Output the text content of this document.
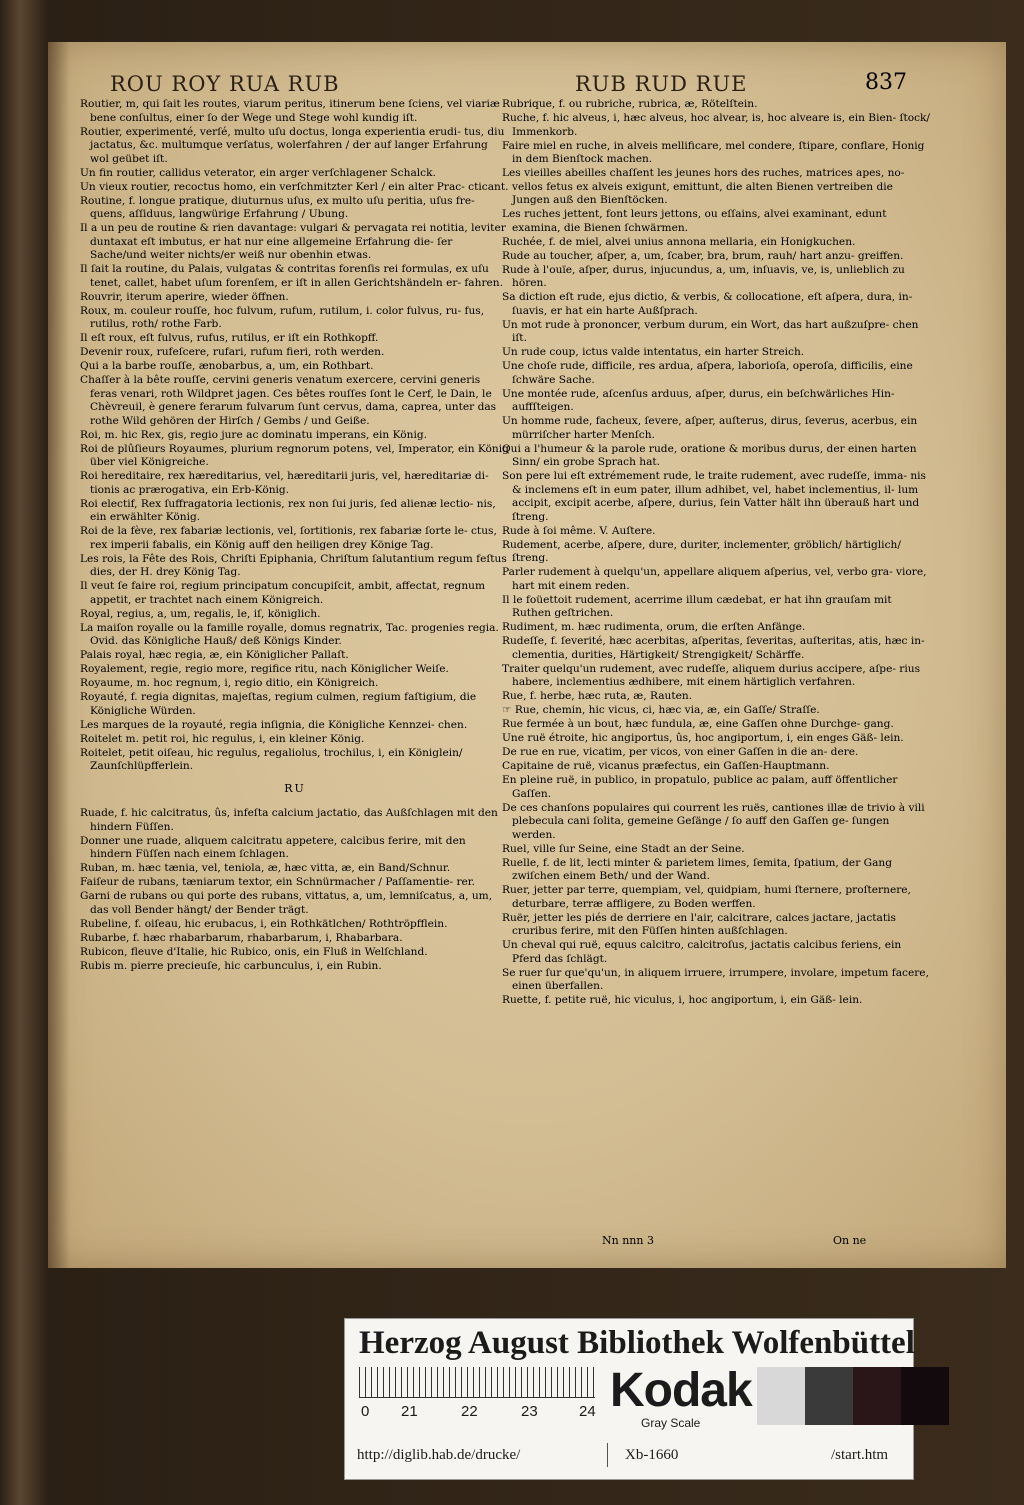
ROU ROY RUA RUB	RUB RUD RUE	837
Routier, m, qui ſait les routes, viarum peritus, itinerum bene ſciens, vel viariæ bene conſultus, einer ſo der Wege und Stege wohl kundig iſt.
Routier, experimenté, verſé, multo uſu doctus, longa experientia erudi- tus, diu jactatus, &c. multumque verſatus, wolerfahren / der auf langer Erfahrung wol geübet iſt.
Un fin routier, callidus veterator, ein arger verſchlagener Schalck.
Un vieux routier, recoctus homo, ein verſchmitzter Kerl / ein alter Prac- cticant.
Routine, f. longue pratique, diuturnus uſus, ex multo uſu peritia, uſus fre- quens, aſſiduus, langwürige Erfahrung / Ubung.
Il a un peu de routine & rien davantage: vulgari & pervagata rei notitia, leviter duntaxat eſt imbutus, er hat nur eine allgemeine Erfahrung die- ſer Sache/und weiter nichts/er weiß nur obenhin etwas.
Il ſait la routine, du Palais, vulgatas & contritas forenſis rei formulas, ex uſu tenet, callet, habet uſum forenſem, er iſt in allen Gerichtshändeln er- fahren.
Rouvrir, iterum aperire, wieder öffnen.
Roux, m. couleur rouſſe, hoc fulvum, rufum, rutilum, i. color fulvus, ru- fus, rutilus, roth/ rothe Farb.
Il eſt roux, eſt fulvus, rufus, rutilus, er iſt ein Rothkopff.
Devenir roux, rufeſcere, rufari, rufum fieri, roth werden.
Qui a la barbe rouſſe, ænobarbus, a, um, ein Rothbart.
Chaſſer à la bête rouſſe, cervini generis venatum exercere, cervini generis feras venari, roth Wildpret jagen. Ces bêtes rouſſes ſont le Cerf, le Dain, le Chèvreuil, è genere ferarum fulvarum ſunt cervus, dama, caprea, unter das rothe Wild gehören der Hirſch / Gembs / und Geiße.
Roi, m. hic Rex, gis, regio jure ac dominatu imperans, ein König.
Roi de plûſieurs Royaumes, plurium regnorum potens, vel, Imperator, ein König über viel Königreiche.
Roi hereditaire, rex hæreditarius, vel, hæreditarii juris, vel, hæreditariæ di- tionis ac prærogativa, ein Erb-König.
Roi electif, Rex ſuffragatoria lectionis, rex non ſui juris, ſed alienæ lectio- nis, ein erwählter König.
Roi de la fève, rex fabariæ lectionis, vel, ſortitionis, rex fabariæ ſorte le- ctus, rex imperii fabalis, ein König auff den heiligen drey Könige Tag.
Les rois, la Fête des Rois, Chriſti Epiphania, Chriſtum ſalutantium regum feſtus dies, der H. drey König Tag.
Il veut ſe faire roi, regium principatum concupiſcit, ambit, affectat, regnum appetit, er trachtet nach einem Königreich.
Royal, regius, a, um, regalis, le, iſ, königlich.
La maiſon royalle ou la famille royalle, domus regnatrix, Tac. progenies regia. Ovid. das Königliche Hauß/ deß Königs Kinder.
Palais royal, hæc regia, æ, ein Königlicher Pallaſt.
Royalement, regie, regio more, regifice ritu, nach Königlicher Weiſe.
Royaume, m. hoc regnum, i, regio ditio, ein Königreich.
Royauté, f. regia dignitas, majeſtas, regium culmen, regium faſtigium, die Königliche Würden.
Les marques de la royauté, regia inſignia, die Königliche Kennzei- chen.
Roitelet m. petit roi, hic regulus, i, ein kleiner König.
Roitelet, petit oiſeau, hic regulus, regaliolus, trochilus, i, ein Königlein/ Zaunſchlüpfferlein.
RU
Ruade, f. hic calcitratus, ûs, infeſta calcium jactatio, das Außſchlagen mit den hindern Füſſen.
Donner une ruade, aliquem calcitratu appetere, calcibus ferire, mit den hindern Füſſen nach einem ſchlagen.
Ruban, m. hæc tænia, vel, teniola, æ, hæc vitta, æ, ein Band/Schnur.
Faiſeur de rubans, tæniarum textor, ein Schnürmacher / Paſſamentie- rer.
Garni de rubans ou qui porte des rubans, vittatus, a, um, lemniſcatus, a, um, das voll Bender hängt/ der Bender trägt.
Rubeline, f. oiſeau, hic erubacus, i, ein Rothkätlchen/ Rothtröpfflein.
Rubarbe, f. hæc rhabarbarum, rhabarbarum, i, Rhabarbara.
Rubicon, fleuve d'Italie, hic Rubico, onis, ein Fluß in Welſchland.
Rubis m. pierre precieuſe, hic carbunculus, i, ein Rubin.
Rubrique, f. ou rubriche, rubrica, æ, Rötelſtein.
Ruche, f. hic alveus, i, hæc alveus, hoc alvear, is, hoc alveare is, ein Bien- ſtock/ Immenkorb.
Faire miel en ruche, in alveis mellificare, mel condere, ſtipare, conflare, Honig in dem Bienſtock machen.
Les vieilles abeilles chaſſent les jeunes hors des ruches, matrices apes, no- vellos fetus ex alveis exigunt, emittunt, die alten Bienen vertreiben die Jungen auß den Bienſtöcken.
Les ruches jettent, font leurs jettons, ou eſſains, alvei examinant, edunt examina, die Bienen ſchwärmen.
Ruchée, f. de miel, alvei unius annona mellaria, ein Honigkuchen.
Rude au toucher, aſper, a, um, ſcaber, bra, brum, rauh/ hart anzu- greiffen.
Rude à l'ouïe, aſper, durus, injucundus, a, um, inſuavis, ve, is, unlieblich zu hören.
Sa diction eſt rude, ejus dictio, & verbis, & collocatione, eſt aſpera, dura, in- ſuavis, er hat ein harte Außſprach.
Un mot rude à prononcer, verbum durum, ein Wort, das hart außzuſpre- chen iſt.
Un rude coup, ictus valde intentatus, ein harter Streich.
Une choſe rude, difficile, res ardua, aſpera, laborioſa, operoſa, difficilis, eine ſchwäre Sache.
Une montée rude, aſcenſus arduus, aſper, durus, ein beſchwärliches Hin- auffſteigen.
Un homme rude, facheux, ſevere, aſper, auſterus, dirus, ſeverus, acerbus, ein mürriſcher harter Menſch.
Qui a l'humeur & la parole rude, oratione & moribus durus, der einen harten Sinn/ ein grobe Sprach hat.
Son pere lui eſt extrémement rude, le traite rudement, avec rudeſſe, imma- nis & inclemens eſt in eum pater, illum adhibet, vel, habet inclementius, il- lum accipit, excipit acerbe, aſpere, durius, ſein Vatter hält ihn überauß hart und ſtreng.
Rude à ſoi même. V. Auſtere.
Rudement, acerbe, aſpere, dure, duriter, inclementer, gröblich/ härtiglich/ ſtreng.
Parler rudement à quelqu'un, appellare aliquem aſperius, vel, verbo gra- viore, hart mit einem reden.
Il le foüettoit rudement, acerrime illum cædebat, er hat ihn grauſam mit Ruthen geſtrichen.
Rudiment, m. hæc rudimenta, orum, die erſten Anfänge.
Rudeſſe, f. ſeverité, hæc acerbitas, aſperitas, ſeveritas, auſteritas, atis, hæc in- clementia, durities, Härtigkeit/ Strengigkeit/ Schärffe.
Traiter quelqu'un rudement, avec rudeſſe, aliquem durius accipere, aſpe- rius habere, inclementius ædhibere, mit einem härtiglich verfahren.
Rue, f. herbe, hæc ruta, æ, Rauten.
☞ Rue, chemin, hic vicus, ci, hæc via, æ, ein Gaſſe/ Straſſe.
Rue fermée à un bout, hæc fundula, æ, eine Gaſſen ohne Durchge- gang.
Une ruë étroite, hic angiportus, ûs, hoc angiportum, i, ein enges Gäß- lein.
De rue en rue, vicatim, per vicos, von einer Gaſſen in die an- dere.
Capitaine de ruë, vicanus præfectus, ein Gaſſen-Hauptmann.
En pleine ruë, in publico, in propatulo, publice ac palam, auff öffentlicher Gaſſen.
De ces chanſons populaires qui courrent les ruës, cantiones illæ de trivio à vili plebecula cani ſolita, gemeine Geſänge / ſo auff den Gaſſen ge- ſungen werden.
Ruel, ville ſur Seine, eine Stadt an der Seine.
Ruelle, f. de lit, lecti minter & parietem limes, ſemita, ſpatium, der Gang zwiſchen einem Beth/ und der Wand.
Ruer, jetter par terre, quempiam, vel, quidpiam, humi ſternere, proſternere, deturbare, terræ affligere, zu Boden werffen.
Ruër, jetter les piés de derriere en l'air, calcitrare, calces jactare, jactatis cruribus ferire, mit den Füſſen hinten außſchlagen.
Un cheval qui ruë, equus calcitro, calcitroſus, jactatis calcibus feriens, ein Pferd das ſchlägt.
Se ruer ſur que'qu'un, in aliquem irruere, irrumpere, involare, impetum facere, einen überfallen.
Ruette, f. petite ruë, hic viculus, i, hoc angiportum, i, ein Gäß- lein.
Nn nnn 3	On ne
Herzog August Bibliothek Wolfenbüttel
0 21	22	23	24 Kodak
Gray Scale
http://diglib.hab.de/drucke/	Xb-1660	/start.htm
